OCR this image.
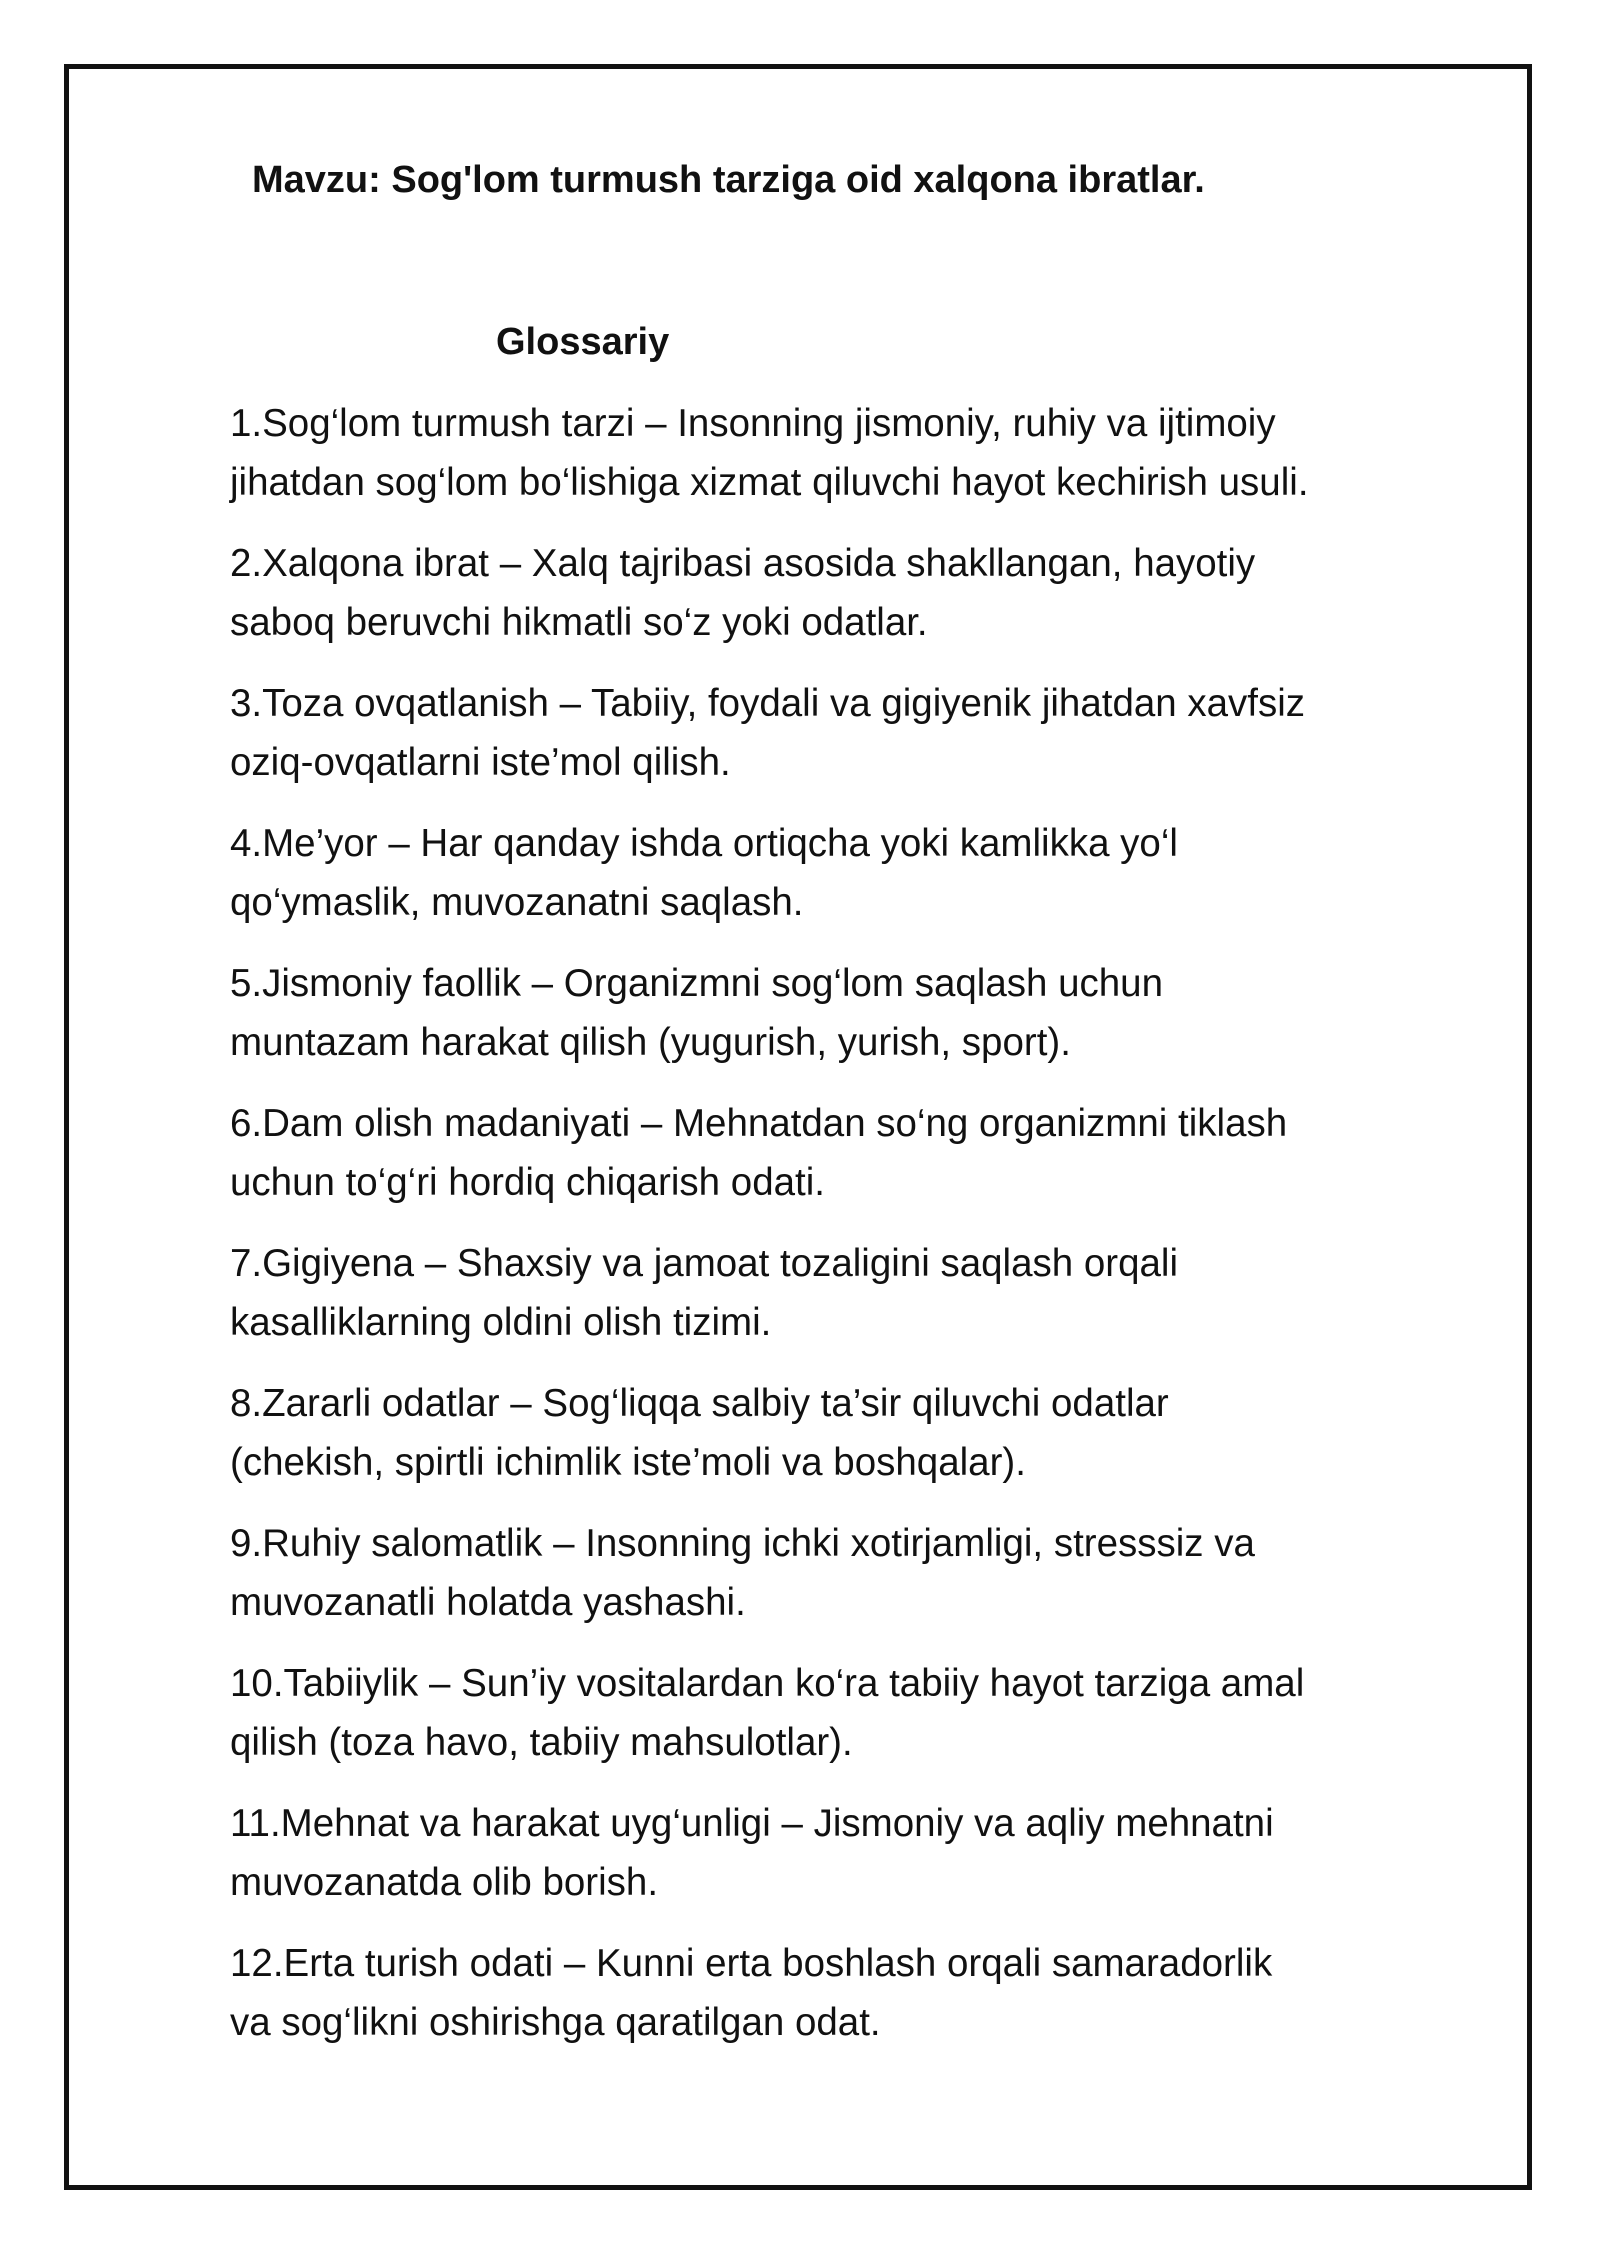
Mavzu: Sog'lom turmush tarziga oid xalqona ibratlar.
Glossariy
1.Sog‘lom turmush tarzi – Insonning jismoniy, ruhiy va ijtimoiy
jihatdan sog‘lom bo‘lishiga xizmat qiluvchi hayot kechirish usuli.
2.Xalqona ibrat – Xalq tajribasi asosida shakllangan, hayotiy
saboq beruvchi hikmatli so‘z yoki odatlar.
3.Toza ovqatlanish – Tabiiy, foydali va gigiyenik jihatdan xavfsiz
oziq-ovqatlarni iste’mol qilish.
4.Me’yor – Har qanday ishda ortiqcha yoki kamlikka yo‘l
qo‘ymaslik, muvozanatni saqlash.
5.Jismoniy faollik – Organizmni sog‘lom saqlash uchun
muntazam harakat qilish (yugurish, yurish, sport).
6.Dam olish madaniyati – Mehnatdan so‘ng organizmni tiklash
uchun to‘g‘ri hordiq chiqarish odati.
7.Gigiyena – Shaxsiy va jamoat tozaligini saqlash orqali
kasalliklarning oldini olish tizimi.
8.Zararli odatlar – Sog‘liqqa salbiy ta’sir qiluvchi odatlar
(chekish, spirtli ichimlik iste’moli va boshqalar).
9.Ruhiy salomatlik – Insonning ichki xotirjamligi, stresssiz va
muvozanatli holatda yashashi.
10.Tabiiylik – Sun’iy vositalardan ko‘ra tabiiy hayot tarziga amal
qilish (toza havo, tabiiy mahsulotlar).
11.Mehnat va harakat uyg‘unligi – Jismoniy va aqliy mehnatni
muvozanatda olib borish.
12.Erta turish odati – Kunni erta boshlash orqali samaradorlik
va sog‘likni oshirishga qaratilgan odat.
